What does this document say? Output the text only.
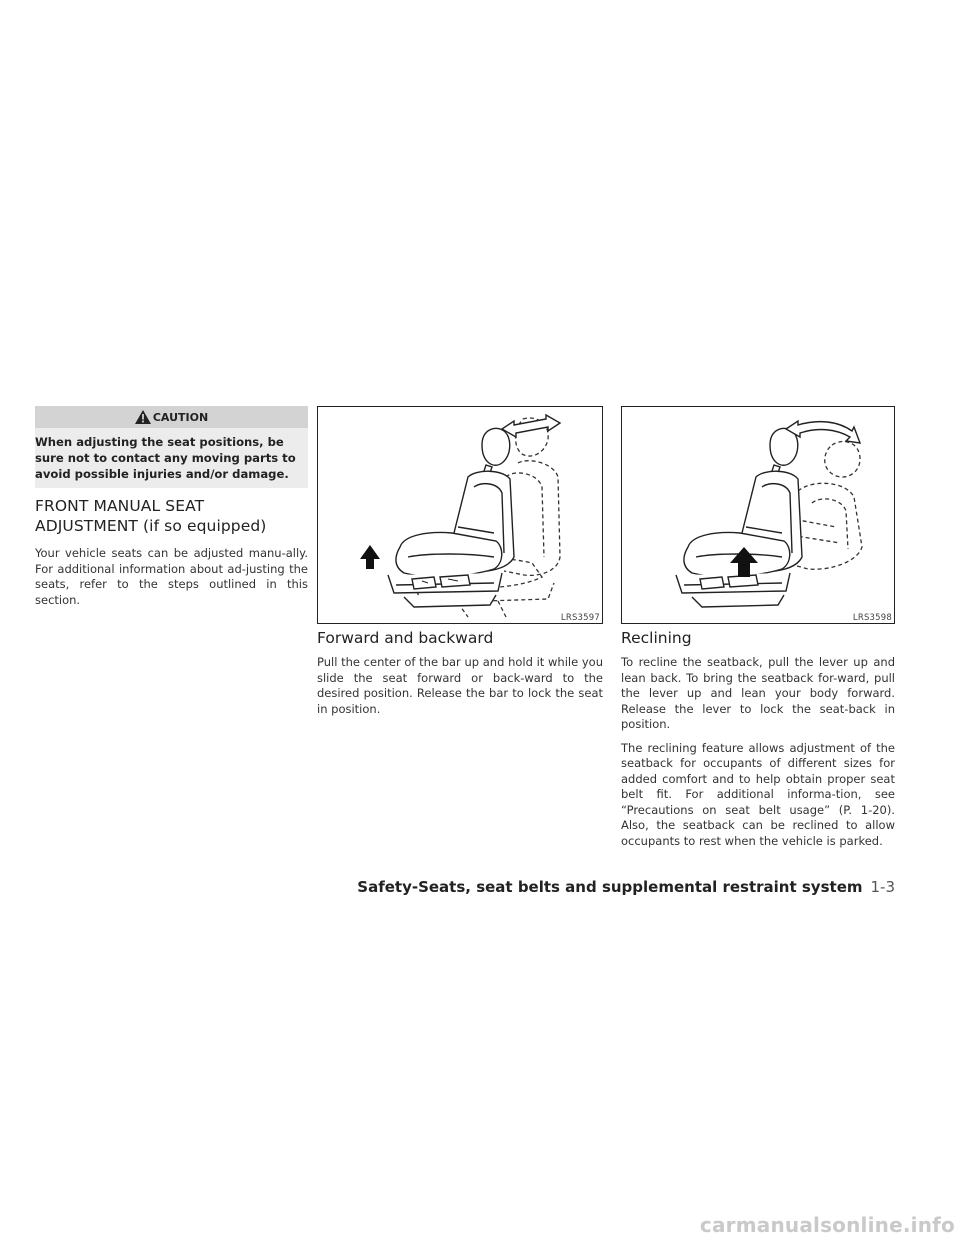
CAUTION
When adjusting the seat positions, be
sure not to contact any moving parts to
avoid possible injuries and/or damage.
FRONT MANUAL SEAT
ADJUSTMENT (if so equipped)

Your vehicle seats can be adjusted manu-ally. For additional information about ad-justing the seats, refer to the steps outlined in this section.

LRS3597
Forward and backward

Pull the center of the bar up and hold it while you slide the seat forward or back-ward to the desired position. Release the bar to lock the seat in position.

LRS3598
Reclining

To recline the seatback, pull the lever up and lean back. To bring the seatback for-ward, pull the lever up and lean your body forward. Release the lever to lock the seat-back in position.

The reclining feature allows adjustment of the seatback for occupants of different sizes for added comfort and to help obtain proper seat belt fit. For additional informa-tion, see “Precautions on seat belt usage” (P. 1-20). Also, the seatback can be reclined to allow occupants to rest when the vehicle is parked.

Safety-Seats, seat belts and supplemental restraint system 1-3
carmanualsonline.info
